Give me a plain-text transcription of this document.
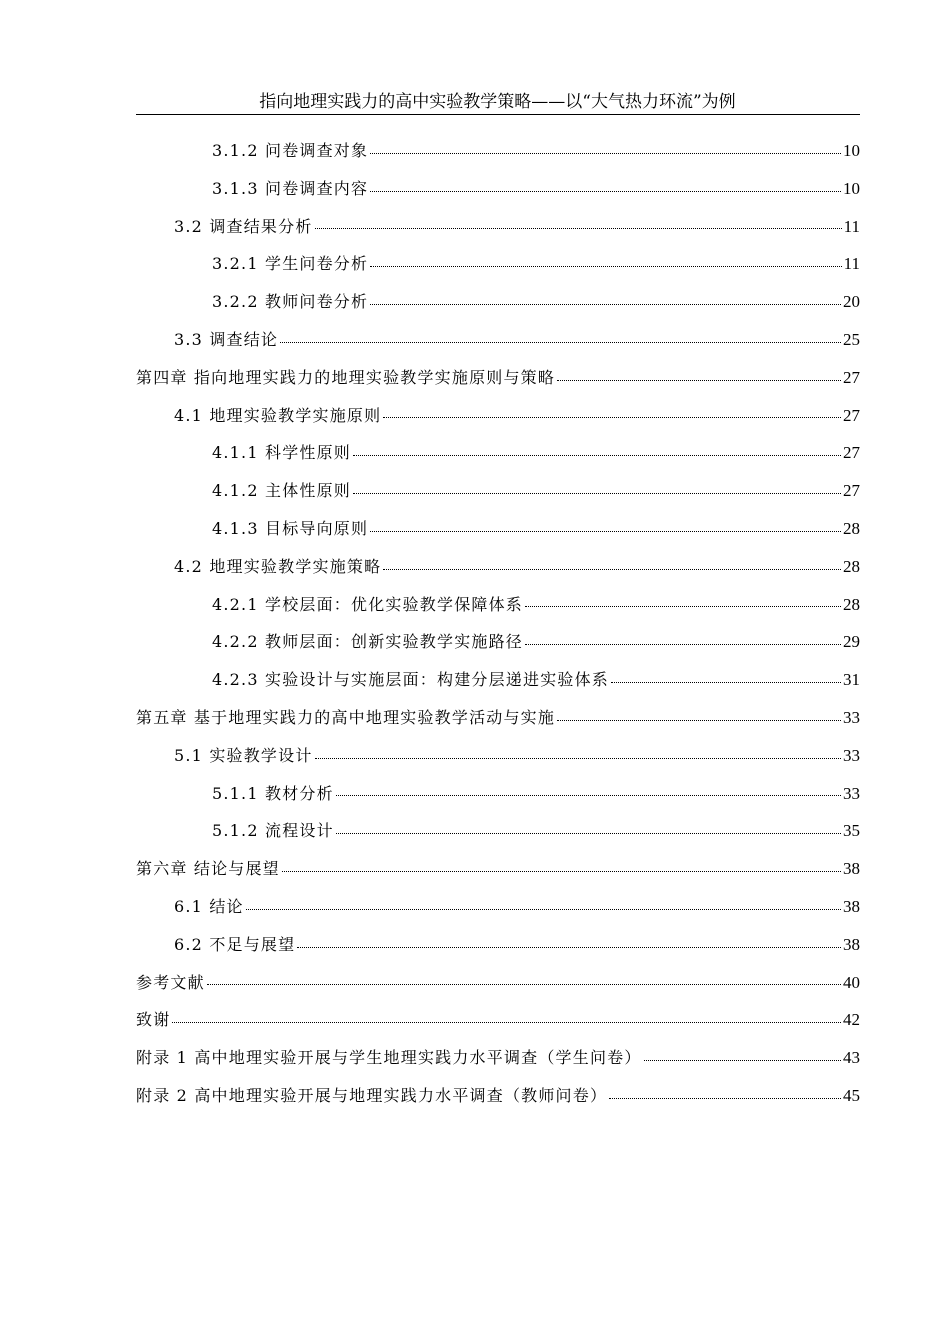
指向地理实践力的高中实验教学策略——以“大气热力环流”为例
3.1.2 问卷调查对象	10
3.1.3 问卷调查内容	10
3.2 调查结果分析	11
3.2.1 学生问卷分析	11
3.2.2 教师问卷分析	20
3.3 调查结论	25
第四章 指向地理实践力的地理实验教学实施原则与策略	27
4.1 地理实验教学实施原则	27
4.1.1 科学性原则	27
4.1.2 主体性原则	27
4.1.3 目标导向原则	28
4.2 地理实验教学实施策略	28
4.2.1 学校层面：优化实验教学保障体系	28
4.2.2 教师层面：创新实验教学实施路径	29
4.2.3 实验设计与实施层面：构建分层递进实验体系	31
第五章 基于地理实践力的高中地理实验教学活动与实施	33
5.1 实验教学设计	33
5.1.1 教材分析	33
5.1.2 流程设计	35
第六章 结论与展望	38
6.1 结论	38
6.2 不足与展望	38
参考文献	40
致谢	42
附录 1 高中地理实验开展与学生地理实践力水平调查（学生问卷）	43
附录 2 高中地理实验开展与地理实践力水平调查（教师问卷）	45
